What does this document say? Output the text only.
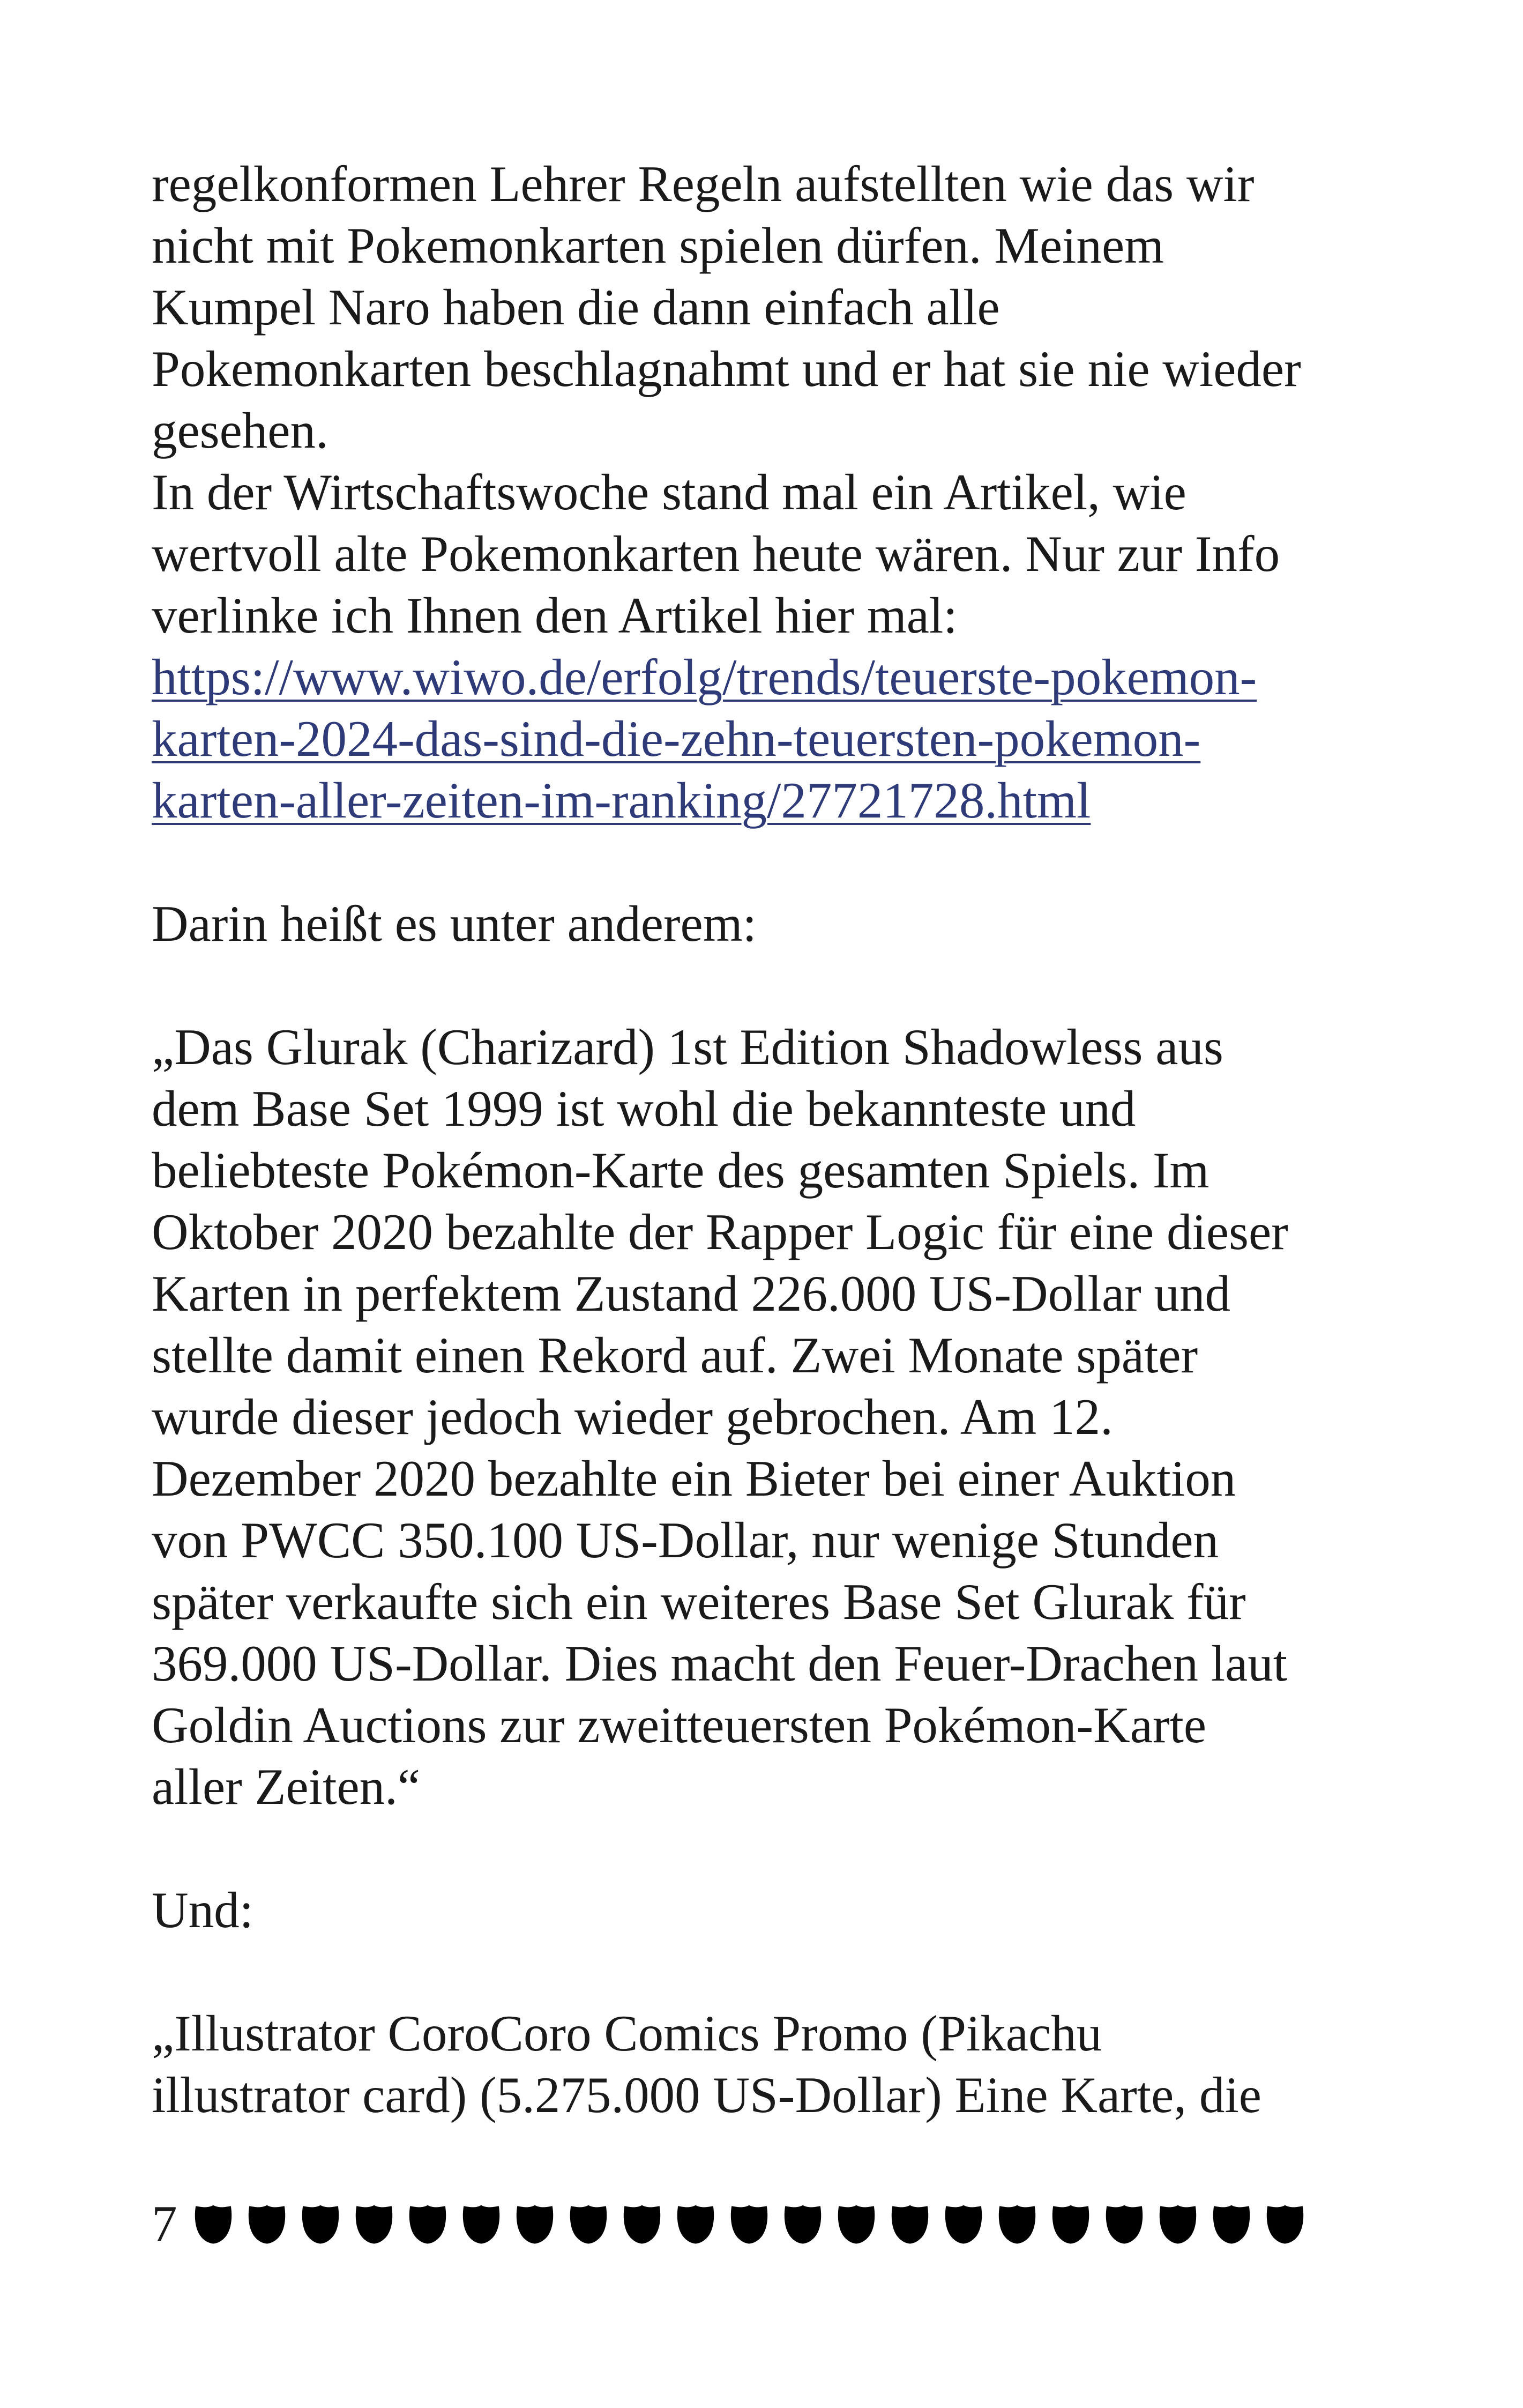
regelkonformen Lehrer Regeln aufstellten wie das wir
nicht mit Pokemonkarten spielen dürfen. Meinem
Kumpel Naro haben die dann einfach alle
Pokemonkarten beschlagnahmt und er hat sie nie wieder
gesehen.
In der Wirtschaftswoche stand mal ein Artikel, wie
wertvoll alte Pokemonkarten heute wären. Nur zur Info
verlinke ich Ihnen den Artikel hier mal:
https://www.wiwo.de/erfolg/trends/teuerste-pokemon-
karten-2024-das-sind-die-zehn-teuersten-pokemon-
karten-aller-zeiten-im-ranking/27721728.html
Darin heißt es unter anderem:
„Das Glurak (Charizard) 1st Edition Shadowless aus
dem Base Set 1999 ist wohl die bekannteste und
beliebteste Pokémon-Karte des gesamten Spiels. Im
Oktober 2020 bezahlte der Rapper Logic für eine dieser
Karten in perfektem Zustand 226.000 US-Dollar und
stellte damit einen Rekord auf. Zwei Monate später
wurde dieser jedoch wieder gebrochen. Am 12.
Dezember 2020 bezahlte ein Bieter bei einer Auktion
von PWCC 350.100 US-Dollar, nur wenige Stunden
später verkaufte sich ein weiteres Base Set Glurak für
369.000 US-Dollar. Dies macht den Feuer-Drachen laut
Goldin Auctions zur zweitteuersten Pokémon-Karte
aller Zeiten.“
Und:
„Illustrator CoroCoro Comics Promo (Pikachu
illustrator card) (5.275.000 US-Dollar) Eine Karte, die
7
